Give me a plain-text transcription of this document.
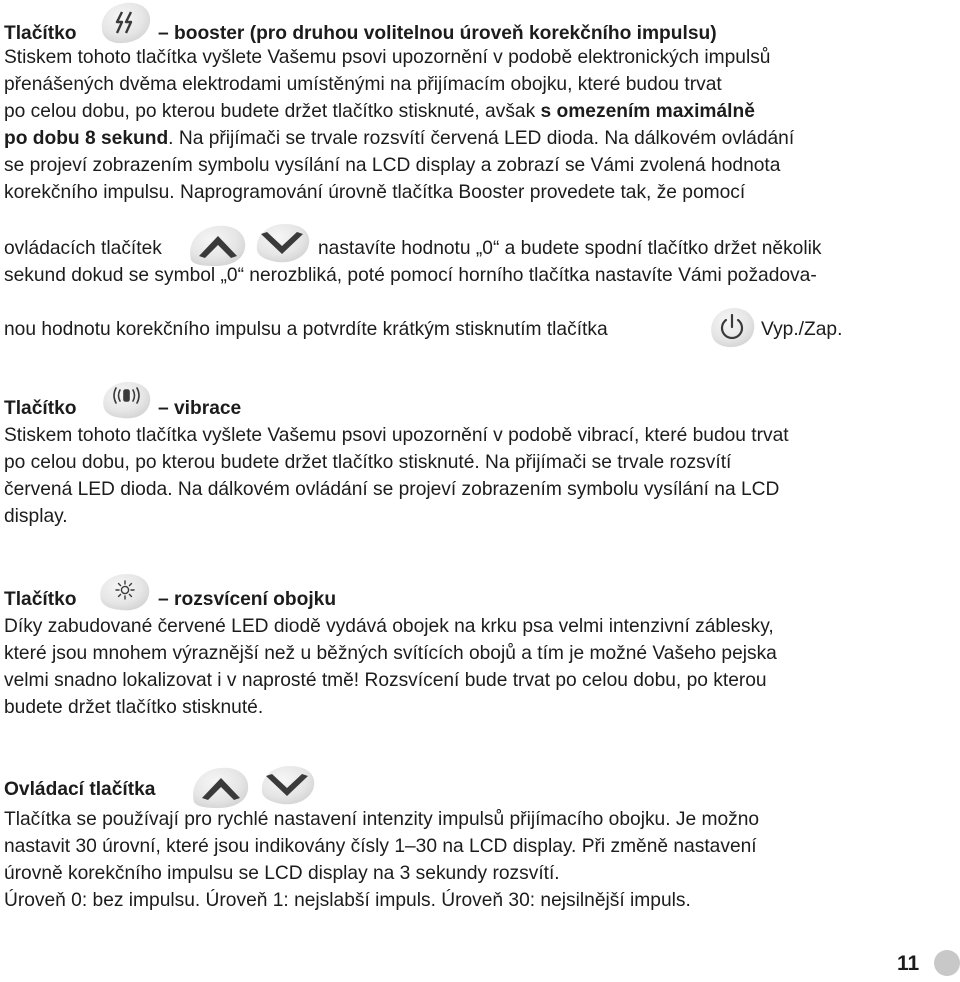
Tlačítko	– booster (pro druhou volitelnou úroveň korekčního impulsu)
Stiskem tohoto tlačítka vyšlete Vašemu psovi upozornění v podobě elektronických impulsů
přenášených dvěma elektrodami umístěnými na přijímacím obojku, které budou trvat
po celou dobu, po kterou budete držet tlačítko stisknuté, avšak s omezením maximálně
po dobu 8 sekund. Na přijímači se trvale rozsvítí červená LED dioda. Na dálkovém ovládání
se projeví zobrazením symbolu vysílání na LCD display a zobrazí se Vámi zvolená hodnota
korekčního impulsu. Naprogramování úrovně tlačítka Booster provedete tak, že pomocí
ovládacích tlačítek	nastavíte hodnotu „0“ a budete spodní tlačítko držet několik
sekund dokud se symbol „0“ nerozbliká, poté pomocí horního tlačítka nastavíte Vámi požadova-
nou hodnotu korekčního impulsu a potvrdíte krátkým stisknutím tlačítka	Vyp./Zap.
Tlačítko	– vibrace
Stiskem tohoto tlačítka vyšlete Vašemu psovi upozornění v podobě vibrací, které budou trvat
po celou dobu, po kterou budete držet tlačítko stisknuté. Na přijímači se trvale rozsvítí
červená LED dioda. Na dálkovém ovládání se projeví zobrazením symbolu vysílání na LCD
display.
Tlačítko	– rozsvícení obojku
Díky zabudované červené LED diodě vydává obojek na krku psa velmi intenzivní záblesky,
které jsou mnohem výraznější než u běžných svítících obojů a tím je možné Vašeho pejska
velmi snadno lokalizovat i v naprosté tmě! Rozsvícení bude trvat po celou dobu, po kterou
budete držet tlačítko stisknuté.
Ovládací tlačítka
Tlačítka se používají pro rychlé nastavení intenzity impulsů přijímacího obojku. Je možno
nastavit 30 úrovní, které jsou indikovány čísly 1–30 na LCD display. Při změně nastavení
úrovně korekčního impulsu se LCD display na 3 sekundy rozsvítí.
Úroveň 0: bez impulsu. Úroveň 1: nejslabší impuls. Úroveň 30: nejsilnější impuls.
11
